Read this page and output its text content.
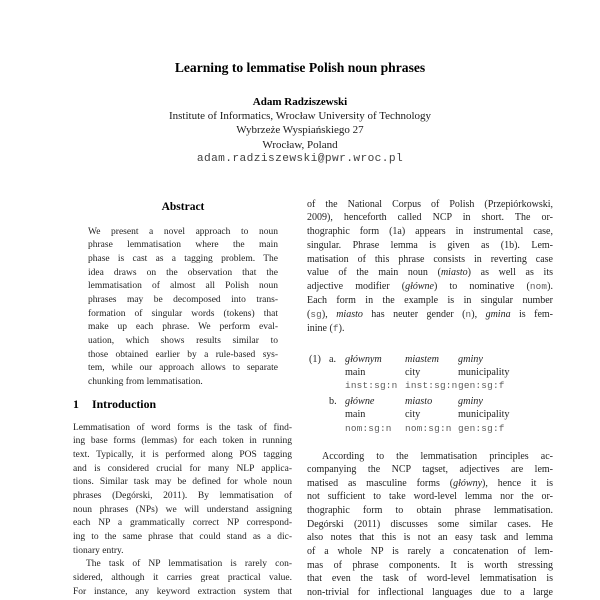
Learning to lemmatise Polish noun phrases
Adam Radziszewski
Institute of Informatics, Wrocław University of Technology
Wybrzeże Wyspiańskiego 27
Wrocław, Poland
adam.radziszewski@pwr.wroc.pl
Abstract
We present a novel approach to noun
phrase lemmatisation where the main
phase is cast as a tagging problem. The
idea draws on the observation that the
lemmatisation of almost all Polish noun
phrases may be decomposed into trans-
formation of singular words (tokens) that
make up each phrase. We perform eval-
uation, which shows results similar to
those obtained earlier by a rule-based sys-
tem, while our approach allows to separate
chunking from lemmatisation.
1 Introduction
Lemmatisation of word forms is the task of find-
ing base forms (lemmas) for each token in running
text. Typically, it is performed along POS tagging
and is considered crucial for many NLP applica-
tions. Similar task may be defined for whole noun
phrases (Degórski, 2011). By lemmatisation of
noun phrases (NPs) we will understand assigning
each NP a grammatically correct NP correspond-
ing to the same phrase that could stand as a dic-
tionary entry.
The task of NP lemmatisation is rarely con-
sidered, although it carries great practical value.
For instance, any keyword extraction system that
of the National Corpus of Polish (Przepiórkowski,
2009), henceforth called NCP in short. The or-
thographic form (1a) appears in instrumental case,
singular. Phrase lemma is given as (1b). Lem-
matisation of this phrase consists in reverting case
value of the main noun (miasto) as well as its
adjective modifier (główne) to nominative (nom).
Each form in the example is in singular number
(sg), miasto has neuter gender (n), gmina is fem-
inine (f).
(1) a. głównym	miastem	gminy
main	city	municipality
inst:sg:n inst:sg:n gen:sg:f
b. główne	miasto	gminy
main	city	municipality
nom:sg:n	nom:sg:n gen:sg:f
According to the lemmatisation principles ac-
companying the NCP tagset, adjectives are lem-
matised as masculine forms (główny), hence it is
not sufficient to take word-level lemma nor the or-
thographic form to obtain phrase lemmatisation.
Degórski (2011) discusses some similar cases. He
also notes that this is not an easy task and lemma
of a whole NP is rarely a concatenation of lem-
mas of phrase components. It is worth stressing
that even the task of word-level lemmatisation is
non-trivial for inflectional languages due to a large
